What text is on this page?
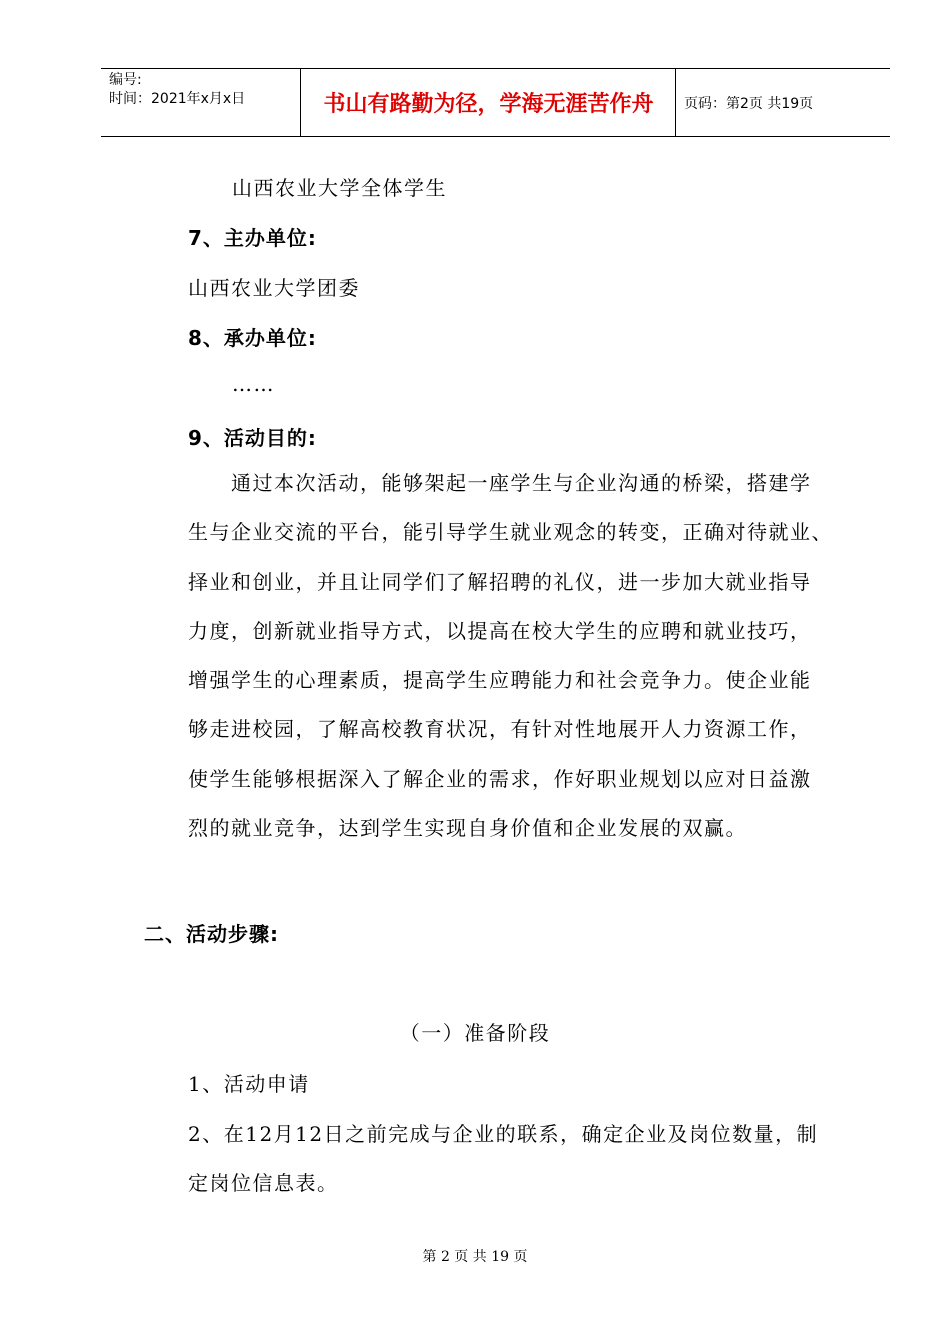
编号:
时间：2021年x月x日	书山有路勤为径，学海无涯苦作舟	页码：第2页 共19页
山西农业大学全体学生
7、主办单位:
山西农业大学团委
8、承办单位:
……
9、活动目的:

　　通过本次活动，能够架起一座学生与企业沟通的桥梁，搭建学

生与企业交流的平台，能引导学生就业观念的转变，正确对待就业、

择业和创业，并且让同学们了解招聘的礼仪，进一步加大就业指导

力度，创新就业指导方式，以提高在校大学生的应聘和就业技巧，

增强学生的心理素质，提高学生应聘能力和社会竞争力。使企业能

够走进校园，了解高校教育状况，有针对性地展开人力资源工作，

使学生能够根据深入了解企业的需求，作好职业规划以应对日益激

烈的就业竞争，达到学生实现自身价值和企业发展的双赢。

二、活动步骤:
（一）准备阶段
1、活动申请
2、在12月12日之前完成与企业的联系，确定企业及岗位数量，制
定岗位信息表。
第 2 页 共 19 页
